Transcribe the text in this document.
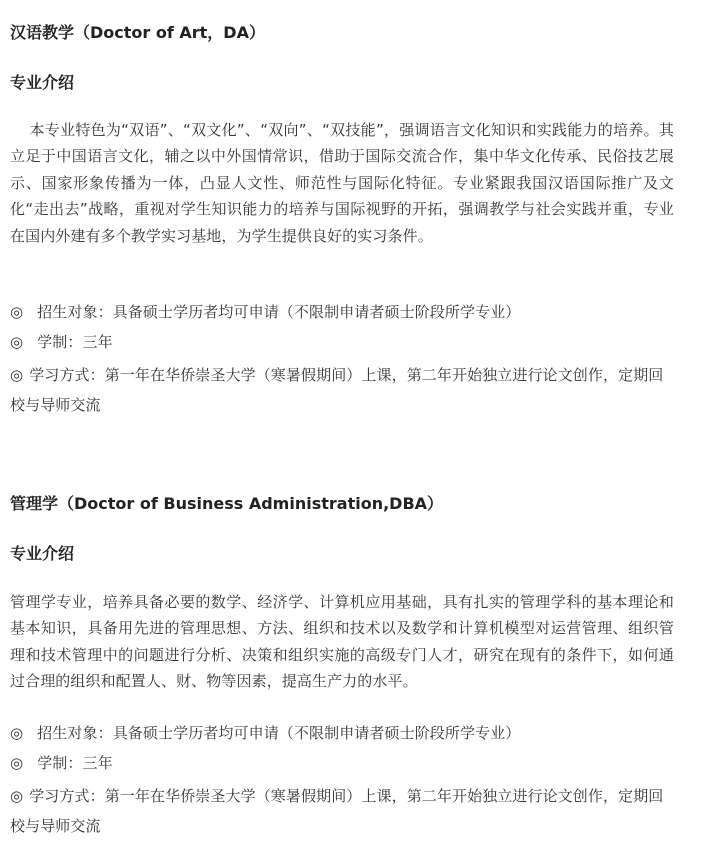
汉语教学（Doctor of Art，DA）
专业介绍

本专业特色为“双语”、“双文化”、“双向”、“双技能”，强调语言文化知识和实践能力的培养。其立足于中国语言文化，辅之以中外国情常识，借助于国际交流合作，集中华文化传承、民俗技艺展示、国家形象传播为一体，凸显人文性、师范性与国际化特征。专业紧跟我国汉语国际推广及文化“走出去”战略，重视对学生知识能力的培养与国际视野的开拓，强调教学与社会实践并重，专业在国内外建有多个教学实习基地，为学生提供良好的实习条件。

◎ 招生对象：具备硕士学历者均可申请（不限制申请者硕士阶段所学专业）

◎ 学制：三年

◎ 学习方式：第一年在华侨崇圣大学（寒暑假期间）上课，第二年开始独立进行论文创作，定期回校与导师交流

管理学（Doctor of Business Administration,DBA）
专业介绍

管理学专业，培养具备必要的数学、经济学、计算机应用基础，具有扎实的管理学科的基本理论和基本知识，具备用先进的管理思想、方法、组织和技术以及数学和计算机模型对运营管理、组织管理和技术管理中的问题进行分析、决策和组织实施的高级专门人才，研究在现有的条件下，如何通过合理的组织和配置人、财、物等因素，提高生产力的水平。

◎ 招生对象：具备硕士学历者均可申请（不限制申请者硕士阶段所学专业）

◎ 学制：三年

◎ 学习方式：第一年在华侨崇圣大学（寒暑假期间）上课，第二年开始独立进行论文创作，定期回校与导师交流
